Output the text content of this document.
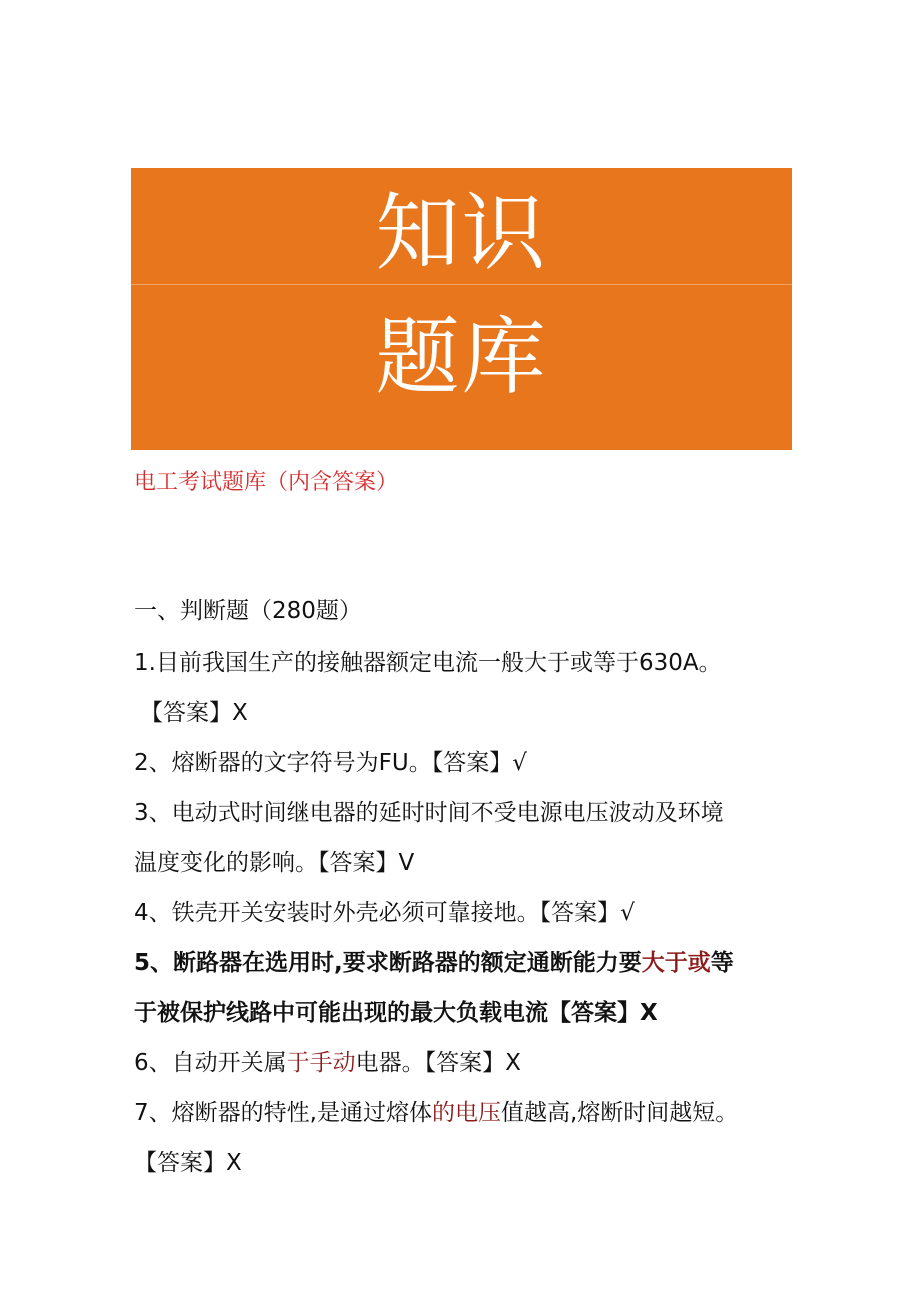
知识
题库
电工考试题库（内含答案）
一、判断题（280题）
1.目前我国生产的接触器额定电流一般大于或等于630A。
【答案】X
2、熔断器的文字符号为FU。【答案】√
3、电动式时间继电器的延时时间不受电源电压波动及环境
温度变化的影响。【答案】V
4、铁壳开关安装时外壳必须可靠接地。【答案】√
5、断路器在选用时,要求断路器的额定通断能力要大于或等
于被保护线路中可能出现的最大负载电流【答案】X
6、自动开关属于手动电器。【答案】X
7、熔断器的特性,是通过熔体的电压值越高,熔断时间越短。
【答案】X
